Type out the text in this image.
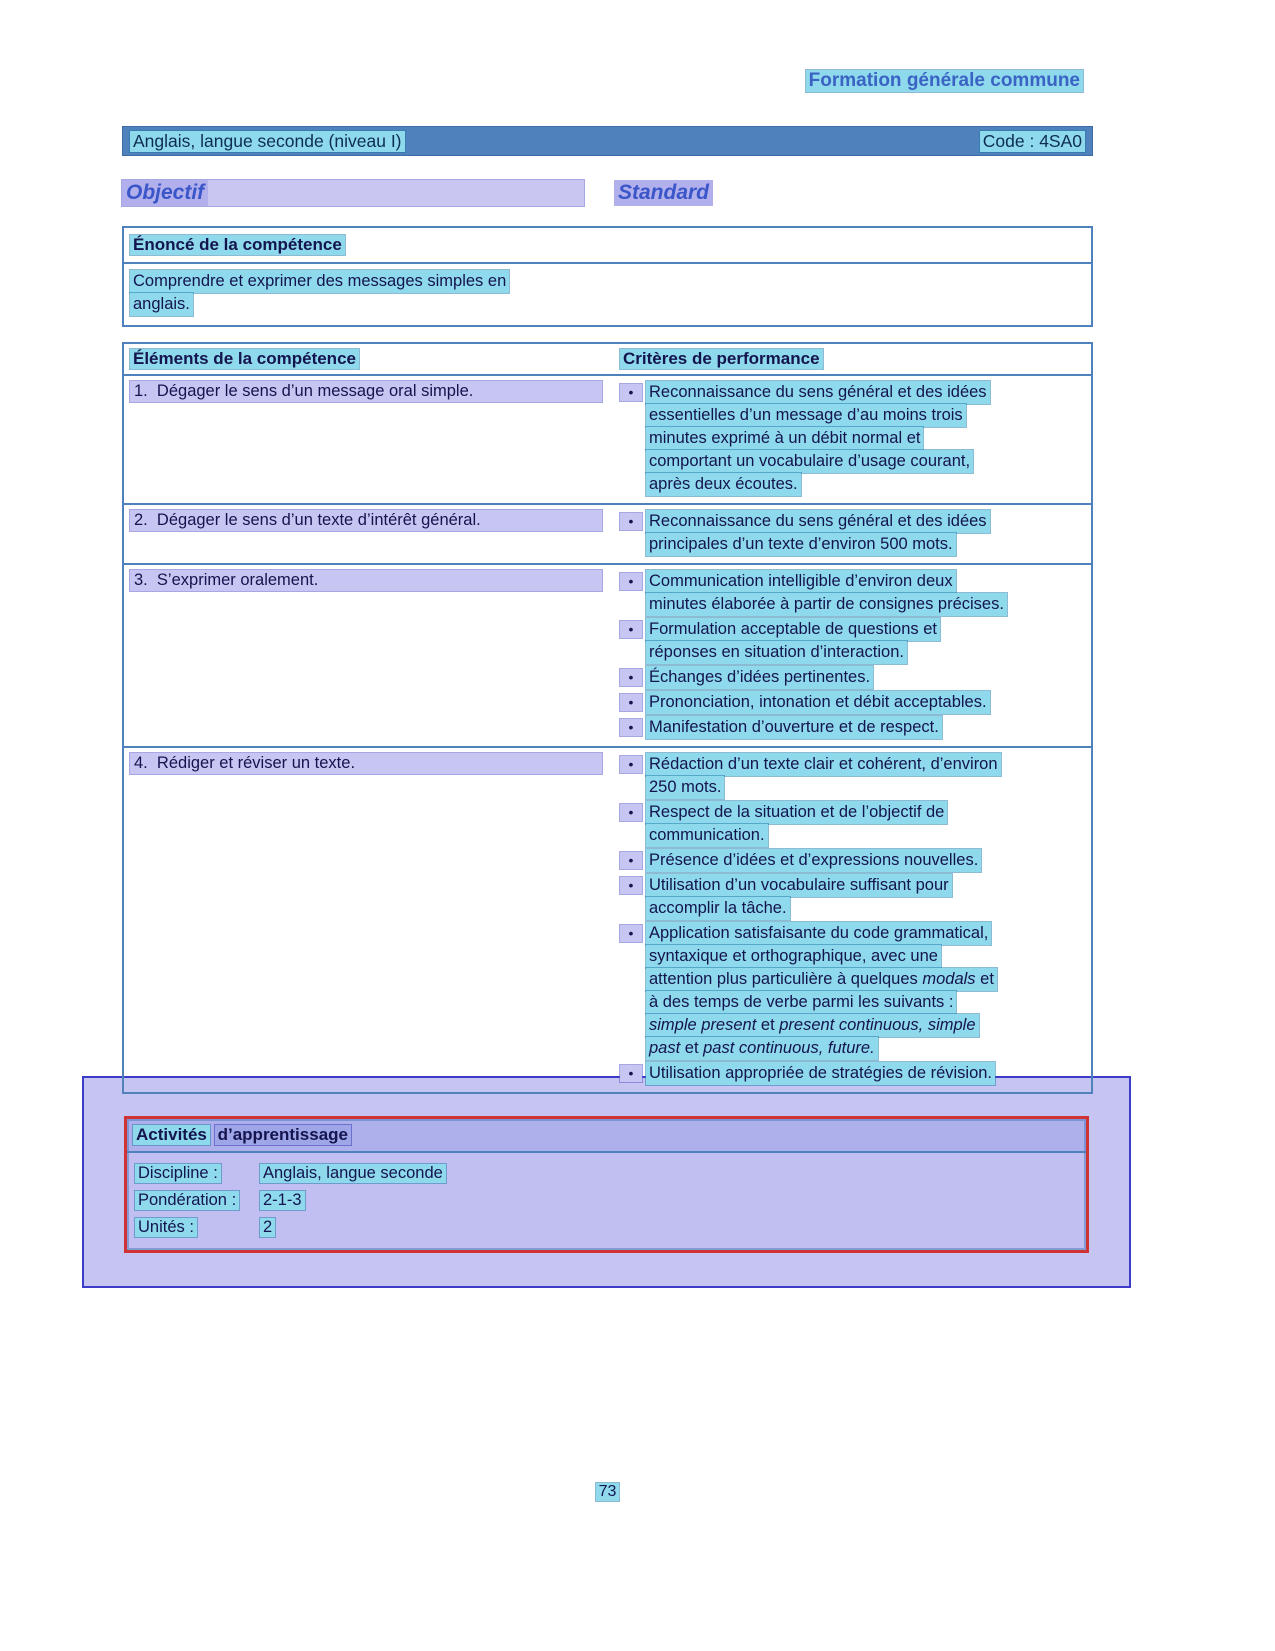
Formation générale commune
Anglais, langue seconde (niveau I)	Code : 4SA0
Objectif	Standard
Énoncé de la compétence
Comprendre et exprimer des messages simples en
anglais.
Éléments de la compétence	Critères de performance
1.  Dégager le sens d’un message oral simple.	• Reconnaissance du sens général et des idées
essentielles d’un message d’au moins trois
minutes exprimé à un débit normal et
comportant un vocabulaire d’usage courant,
après deux écoutes.
2.  Dégager le sens d’un texte d’intérêt général.	• Reconnaissance du sens général et des idées
principales d’un texte d’environ 500 mots.
3.  S’exprimer oralement.	• Communication intelligible d’environ deux
minutes élaborée à partir de consignes précises.
• Formulation acceptable de questions et
réponses en situation d’interaction.
• Échanges d’idées pertinentes.
• Prononciation, intonation et débit acceptables.
• Manifestation d’ouverture et de respect.
4.  Rédiger et réviser un texte.	• Rédaction d’un texte clair et cohérent, d’environ
250 mots.
• Respect de la situation et de l’objectif de
communication.
• Présence d’idées et d’expressions nouvelles.
• Utilisation d’un vocabulaire suffisant pour
accomplir la tâche.
• Application satisfaisante du code grammatical,
syntaxique et orthographique, avec une
attention plus particulière à quelques modals et
à des temps de verbe parmi les suivants :
simple present et present continuous, simple
past et past continuous, future.
• Utilisation appropriée de stratégies de révision.
Activités d’apprentissage
Discipline :	Anglais, langue seconde
Pondération :	2-1-3
Unités :	2
73
